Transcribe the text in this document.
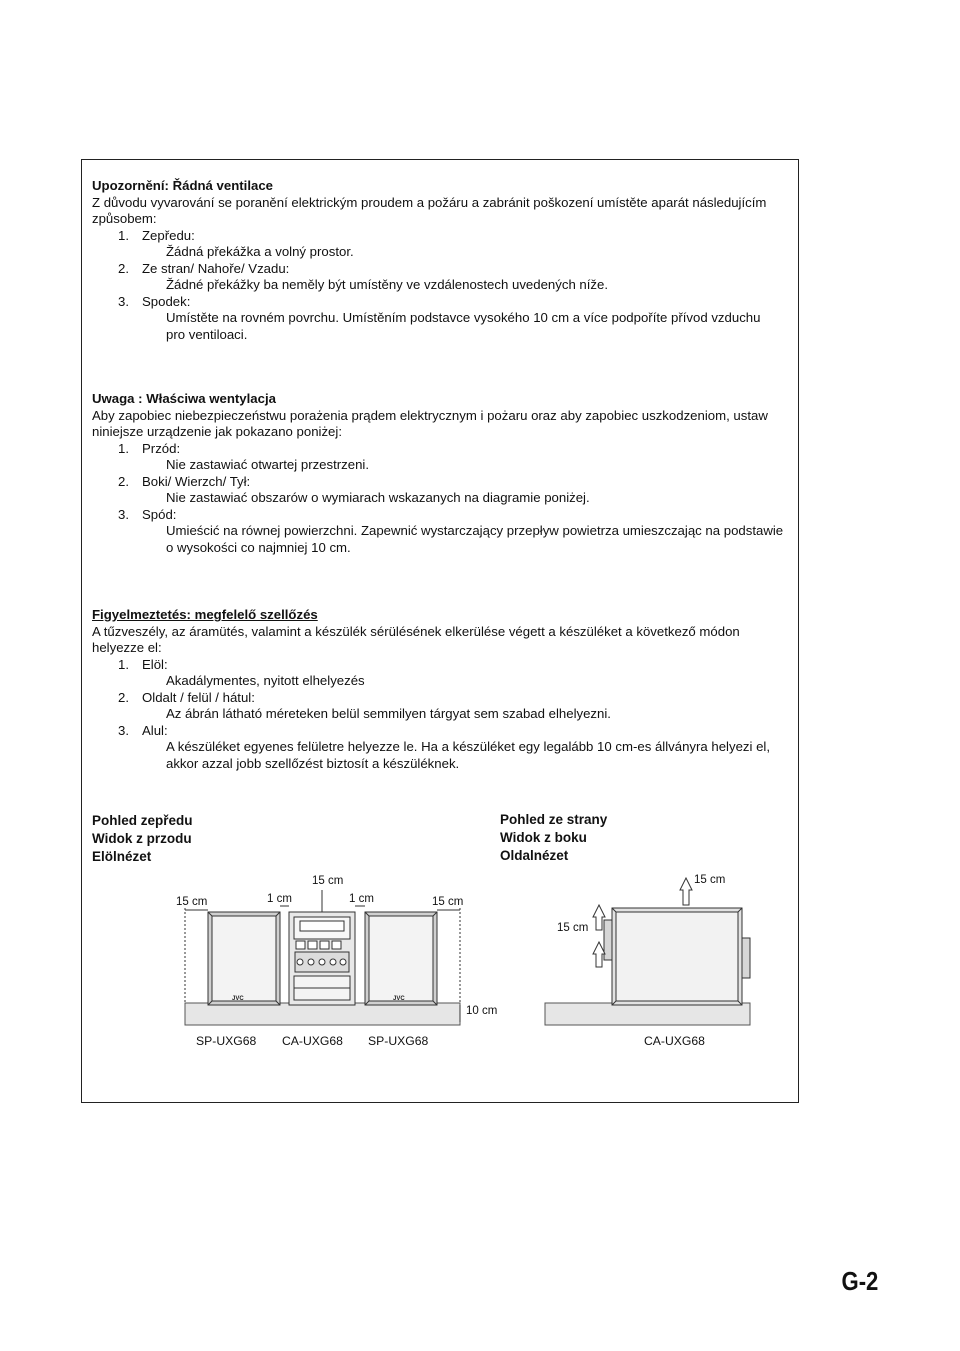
Upozornění: Řádná ventilace

Z důvodu vyvarování se poranění elektrickým proudem a požáru a zabránit poškození umístěte aparát následujícím způsobem:

1. Zepředu:
Žádná překážka a volný prostor.
2. Ze stran/ Nahoře/ Vzadu:
Žádné překážky ba neměly být umístěny ve vzdálenostech uvedených níže.
3. Spodek:
Umístěte na rovném povrchu. Umístěním podstavce vysokého 10 cm a více podpoříte přívod vzduchu pro ventiloaci.

Uwaga : Właściwa wentylacja

Aby zapobiec niebezpieczeństwu porażenia prądem elektrycznym i pożaru oraz aby zapobiec uszkodzeniom, ustaw niniejsze urządzenie jak pokazano poniżej:

1. Przód:
Nie zastawiać otwartej przestrzeni.
2. Boki/ Wierzch/ Tył:
Nie zastawiać obszarów o wymiarach wskazanych na diagramie poniżej.
3. Spód:
Umieścić na równej powierzchni. Zapewnić wystarczający przepływ powietrza umieszczając na podstawie o wysokości co najmniej 10 cm.

Figyelmeztetés: megfelelő szellőzés

A tűzveszély, az áramütés, valamint a készülék sérülésének elkerülése végett a készüléket a következő módon helyezze el:

1. Elöl:
Akadálymentes, nyitott elhelyezés
2. Oldalt / felül / hátul:
Az ábrán látható méreteken belül semmilyen tárgyat sem szabad elhelyezni.
3. Alul:
A készüléket egyenes felületre helyezze le. Ha a készüléket egy legalább 10 cm-es állványra helyezi el, akkor azzal jobb szellőzést biztosít a készüléknek.
Pohled zepředu
Widok z przodu
Elölnézet
Pohled ze strany
Widok z boku
Oldalnézet
JVC	JVC
15 cm	1 cm
15 cm
1 cm	15 cm
10 cm
15 cm
15 cm
SP-UXG68 CA-UXG68 SP-UXG68	CA-UXG68
G-2
